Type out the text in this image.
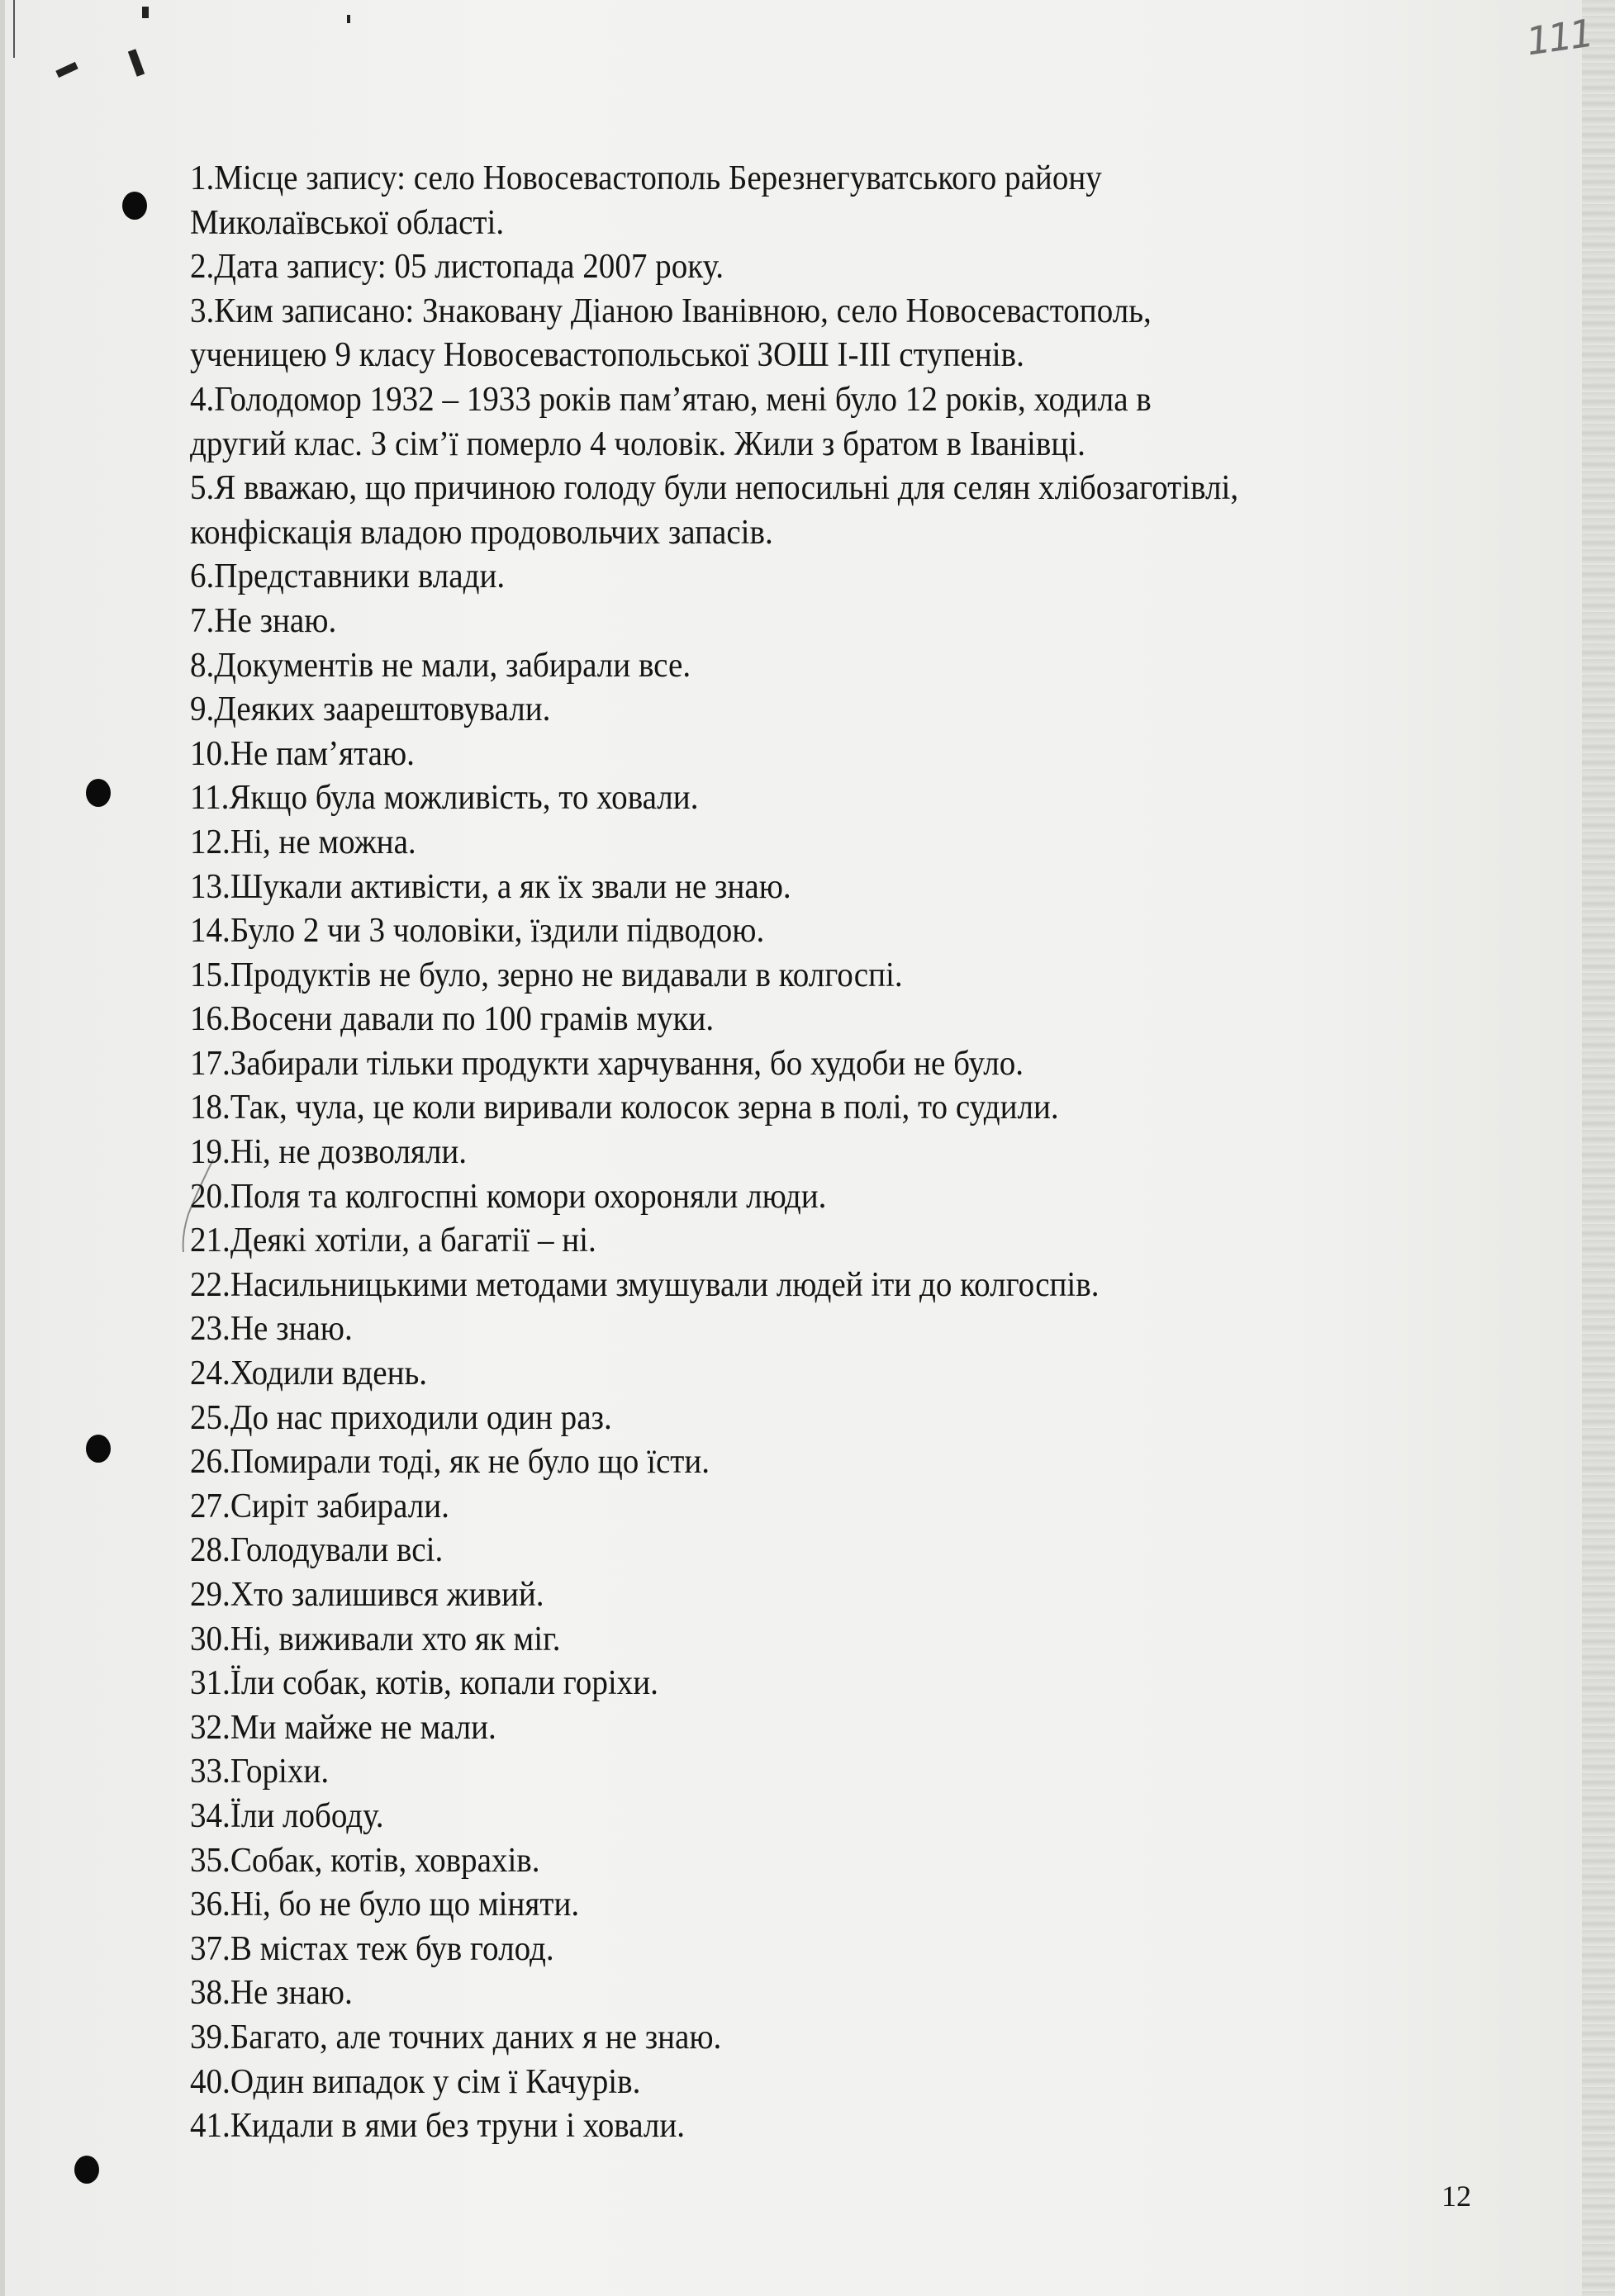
111
1.Місце запису: село Новосевастополь Березнегуватського району
Миколаївської області.
2.Дата запису: 05 листопада 2007 року.
3.Ким записано: Знаковану Діаною Іванівною, село Новосевастополь,
ученицею 9 класу Новосевастопольської ЗОШ І-ІІІ ступенів.
4.Голодомор 1932 – 1933 років пам’ятаю, мені було 12 років, ходила в
другий клас. З сім’ї померло 4 чоловік. Жили з братом в Іванівці.
5.Я вважаю, що причиною голоду були непосильні для селян хлібозаготівлі,
конфіскація владою продовольчих запасів.
6.Представники влади.
7.Не знаю.
8.Документів не мали, забирали все.
9.Деяких заарештовували.
10.Не пам’ятаю.
11.Якщо була можливість, то ховали.
12.Ні, не можна.
13.Шукали активісти, а як їх звали не знаю.
14.Було 2 чи 3 чоловіки, їздили підводою.
15.Продуктів не було, зерно не видавали в колгоспі.
16.Восени давали по 100 грамів муки.
17.Забирали тільки продукти харчування, бо худоби не було.
18.Так, чула, це коли виривали колосок зерна в полі, то судили.
19.Ні, не дозволяли.
20.Поля та колгоспні комори охороняли люди.
21.Деякі хотіли, а багатії – ні.
22.Насильницькими методами змушували людей іти до колгоспів.
23.Не знаю.
24.Ходили вдень.
25.До нас приходили один раз.
26.Помирали тоді, як не було що їсти.
27.Сиріт забирали.
28.Голодували всі.
29.Хто залишився живий.
30.Ні, виживали хто як міг.
31.Їли собак, котів, копали горіхи.
32.Ми майже не мали.
33.Горіхи.
34.Їли лободу.
35.Собак, котів, ховрахів.
36.Ні, бо не було що міняти.
37.В містах теж був голод.
38.Не знаю.
39.Багато, але точних даних я не знаю.
40.Один випадок у сім ї Качурів.
41.Кидали в ями без труни і ховали.
12
